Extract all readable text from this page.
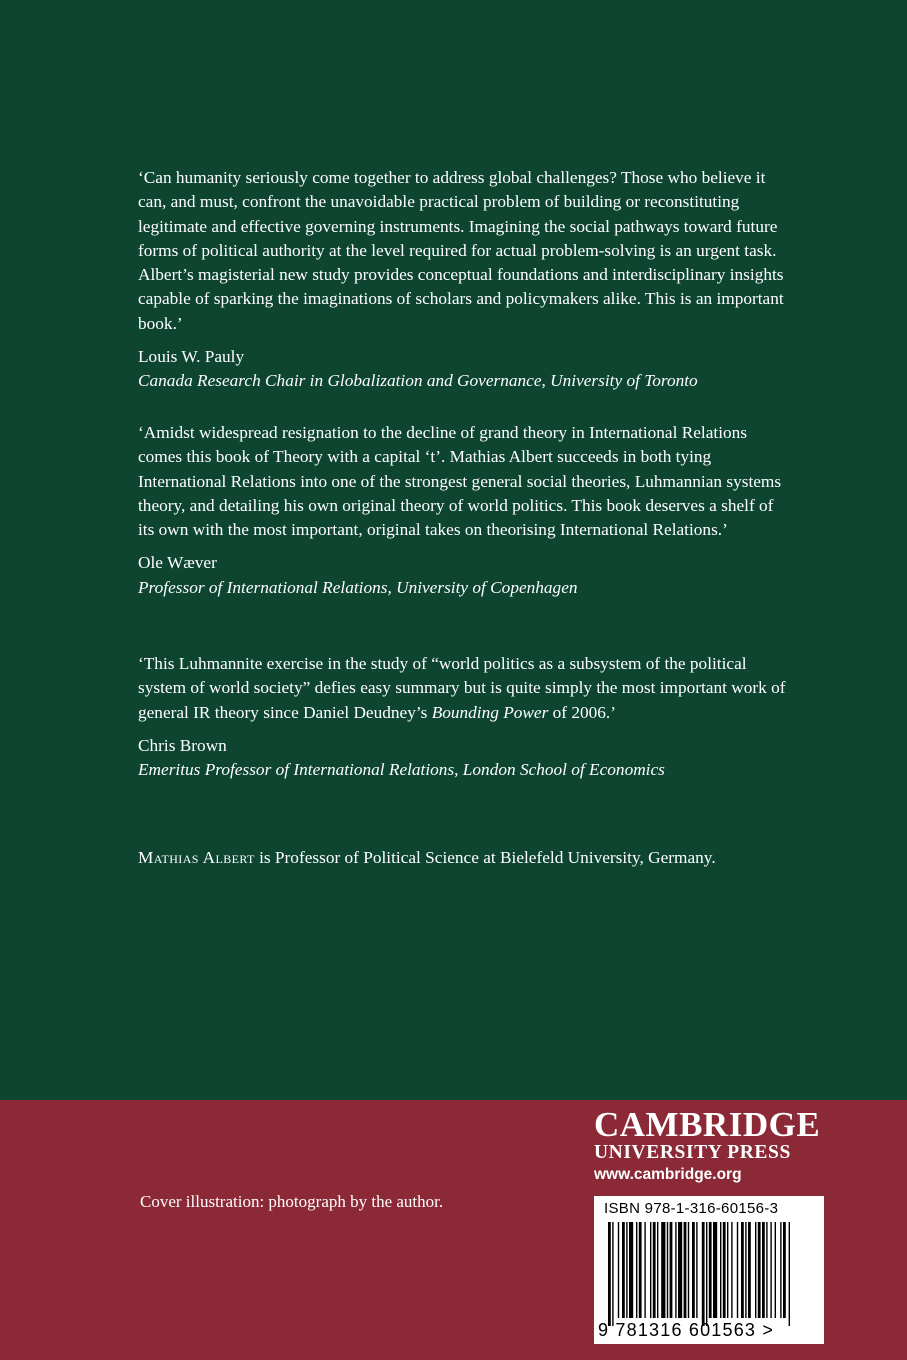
‘Can humanity seriously come together to address global challenges? Those who believe it can, and must, confront the unavoidable practical problem of building or reconstituting legitimate and effective governing instruments. Imagining the social pathways toward future forms of political authority at the level required for actual problem-solving is an urgent task. Albert’s magisterial new study provides conceptual foundations and interdisciplinary insights capable of sparking the imaginations of scholars and policymakers alike. This is an important book.’

Louis W. Pauly

Canada Research Chair in Globalization and Governance, University of Toronto

‘Amidst widespread resignation to the decline of grand theory in International Relations comes this book of Theory with a capital ‘t’. Mathias Albert succeeds in both tying International Relations into one of the strongest general social theories, Luhmannian systems theory, and detailing his own original theory of world politics. This book deserves a shelf of its own with the most important, original takes on theorising International Relations.’

Ole Wæver

Professor of International Relations, University of Copenhagen

‘This Luhmannite exercise in the study of “world politics as a subsystem of the political system of world society” defies easy summary but is quite simply the most important work of general IR theory since Daniel Deudney’s Bounding Power of 2006.’

Chris Brown

Emeritus Professor of International Relations, London School of Economics

Mathias Albert is Professor of Political Science at Bielefeld University, Germany.

CAMBRIDGE
UNIVERSITY PRESS
www.cambridge.org
Cover illustration: photograph by the author.	ISBN 978-1-316-60156-3
9 781316 601563 >
